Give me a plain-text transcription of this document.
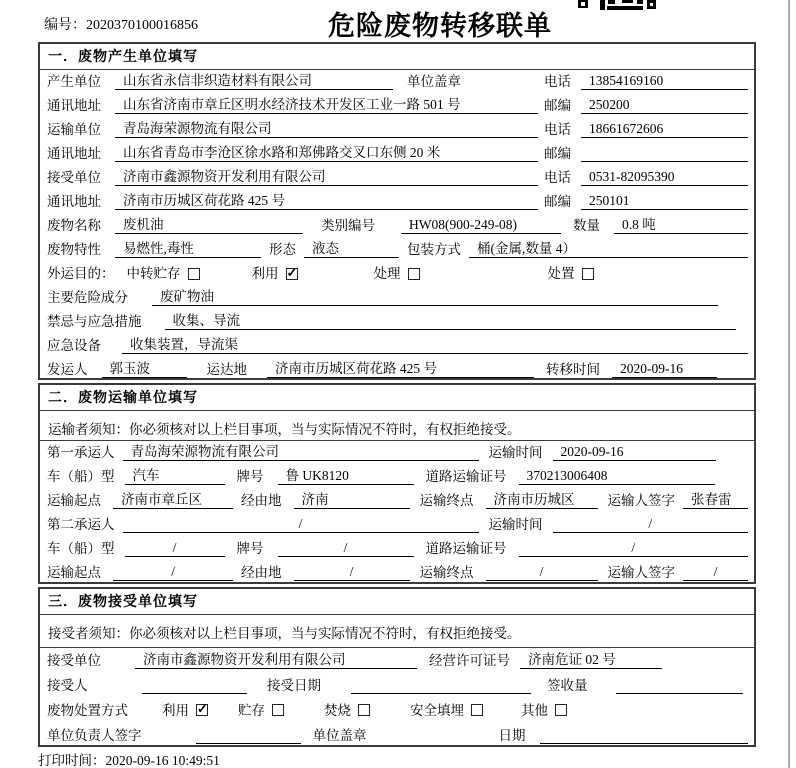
编号：2020370100016856	危险废物转移联单
一．废物产生单位填写
产生单位	山东省永信非织造材料有限公司	单位盖章	电话	13854169160
通讯地址	山东省济南市章丘区明水经济技术开发区工业一路 501 号	邮编	250200
运输单位	青岛海荣源物流有限公司	电话	18661672606
通讯地址	山东省青岛市李沧区徐水路和郑佛路交叉口东侧 20 米	邮编
接受单位	济南市鑫源物资开发利用有限公司	电话	0531-82095390
通讯地址	济南市历城区荷花路 425 号	邮编	250101
废物名称	废机油	类别编号	HW08(900-249-08)	数量	0.8 吨
废物特性	易燃性,毒性	形态	液态	包装方式	桶(金属,数量 4）
外运目的： 中转贮存	利用 ✓	处理	处置
主要危险成分	废矿物油
禁忌与应急措施	收集、导流
应急设备	收集装置，导流渠
发运人	郭玉波	运达地	济南市历城区荷花路 425 号	转移时间	2020-09-16
二．废物运输单位填写
运输者须知：你必须核对以上栏目事项，当与实际情况不符时，有权拒绝接受。
第一承运人	青岛海荣源物流有限公司	运输时间	2020-09-16
车（船）型	汽车	牌号	鲁 UK8120	道路运输证号	370213006408
运输起点	济南市章丘区	经由地	济南	运输终点	济南市历城区	运输人签字	张春雷
第二承运人	/	运输时间	/
车（船）型	/	牌号	/	道路运输证号	/
运输起点	/	经由地	/	运输终点	/	运输人签字	/
三．废物接受单位填写
接受者须知：你必须核对以上栏目事项，当与实际情况不符时，有权拒绝接受。
接受单位	济南市鑫源物资开发利用有限公司	经营许可证号	济南危证 02 号
接受人	接受日期	签收量
废物处置方式	利用 ✓	贮存	焚烧	安全填埋	其他
单位负责人签字	单位盖章	日期
打印时间：2020-09-16 10:49:51
